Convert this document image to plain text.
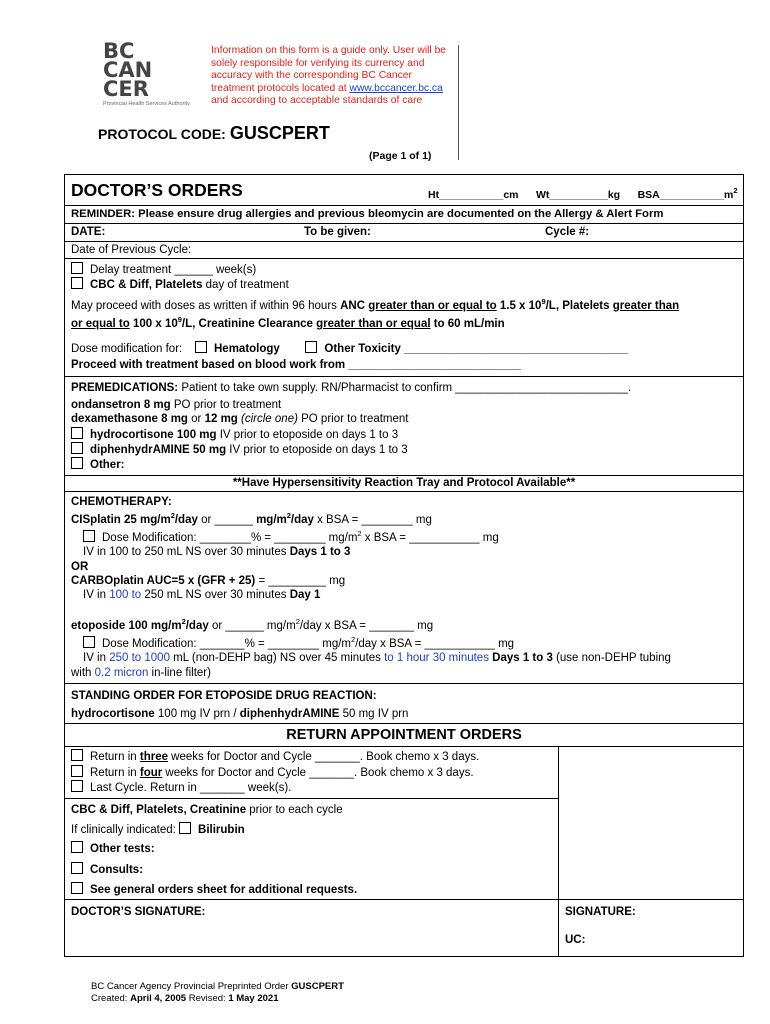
BC
CAN
CER
Provincial Health Services Authority
Information on this form is a guide only. User will be
solely responsible for verifying its currency and
accuracy with the corresponding BC Cancer
treatment protocols located at www.bccancer.bc.ca
and according to acceptable standards of care
PROTOCOL CODE: GUSCPERT
(Page 1 of 1)
DOCTOR’S ORDERS	Ht___________cm Wt__________kg $BSA\_\_\_\_\_\_\_\_\_\_\_m^2$
REMINDER: Please ensure drug allergies and previous bleomycin are documented on the Allergy & Alert Form
DATE:	To be given:	Cycle #:
Date of Previous Cycle:
Delay treatment ______ week(s)
CBC & Diff, Platelets day of treatment
May proceed with doses as written if within 96 hours ANC greater than or equal to 1.5 x $10^9/L$, Platelets greater than
or equal to 100 x $10^9/L$, Creatinine Clearance greater than or equal to 60 mL/min
Dose modification for:	Hematology	Other Toxicity ___________________________________
Proceed with treatment based on blood work from ___________________________
PREMEDICATIONS: Patient to take own supply. RN/Pharmacist to confirm ___________________________.
ondansetron 8 mg PO prior to treatment
dexamethasone 8 mg or 12 mg (circle one) PO prior to treatment
hydrocortisone 100 mg IV prior to etoposide on days 1 to 3
diphenhydrAMINE 50 mg IV prior to etoposide on days 1 to 3
Other:
**Have Hypersensitivity Reaction Tray and Protocol Available**
CHEMOTHERAPY:
CISplatin 25 $mg/m^2$/day or ______ $mg/m^2$/day x BSA = ________ mg
Dose Modification: ________% = ________ $mg/m^2$ x BSA = ___________ mg
IV in 100 to 250 mL NS over 30 minutes Days 1 to 3
OR
CARBOplatin AUC=5 x (GFR + 25) = _________ mg
IV in 100 to 250 mL NS over 30 minutes Day 1
etoposide 100 $mg/m^2$/day or ______ $mg/m^2$/day x BSA = _______ mg
Dose Modification: _______% = ________ $mg/m^2$/day x BSA = ___________ mg
IV in 250 to 1000 mL (non-DEHP bag) NS over 45 minutes to 1 hour 30 minutes Days 1 to 3 (use non-DEHP tubing
with 0.2 micron in-line filter)
STANDING ORDER FOR ETOPOSIDE DRUG REACTION:
hydrocortisone 100 mg IV prn / diphenhydrAMINE 50 mg IV prn
RETURN APPOINTMENT ORDERS
Return in three weeks for Doctor and Cycle _______. Book chemo x 3 days.
Return in four weeks for Doctor and Cycle _______. Book chemo x 3 days.
Last Cycle. Return in _______ week(s).
CBC & Diff, Platelets, Creatinine prior to each cycle
If clinically indicated: Bilirubin
Other tests:
Consults:
See general orders sheet for additional requests.
DOCTOR’S SIGNATURE:	SIGNATURE:
UC:
BC Cancer Agency Provincial Preprinted Order GUSCPERT
Created: April 4, 2005 Revised: 1 May 2021
